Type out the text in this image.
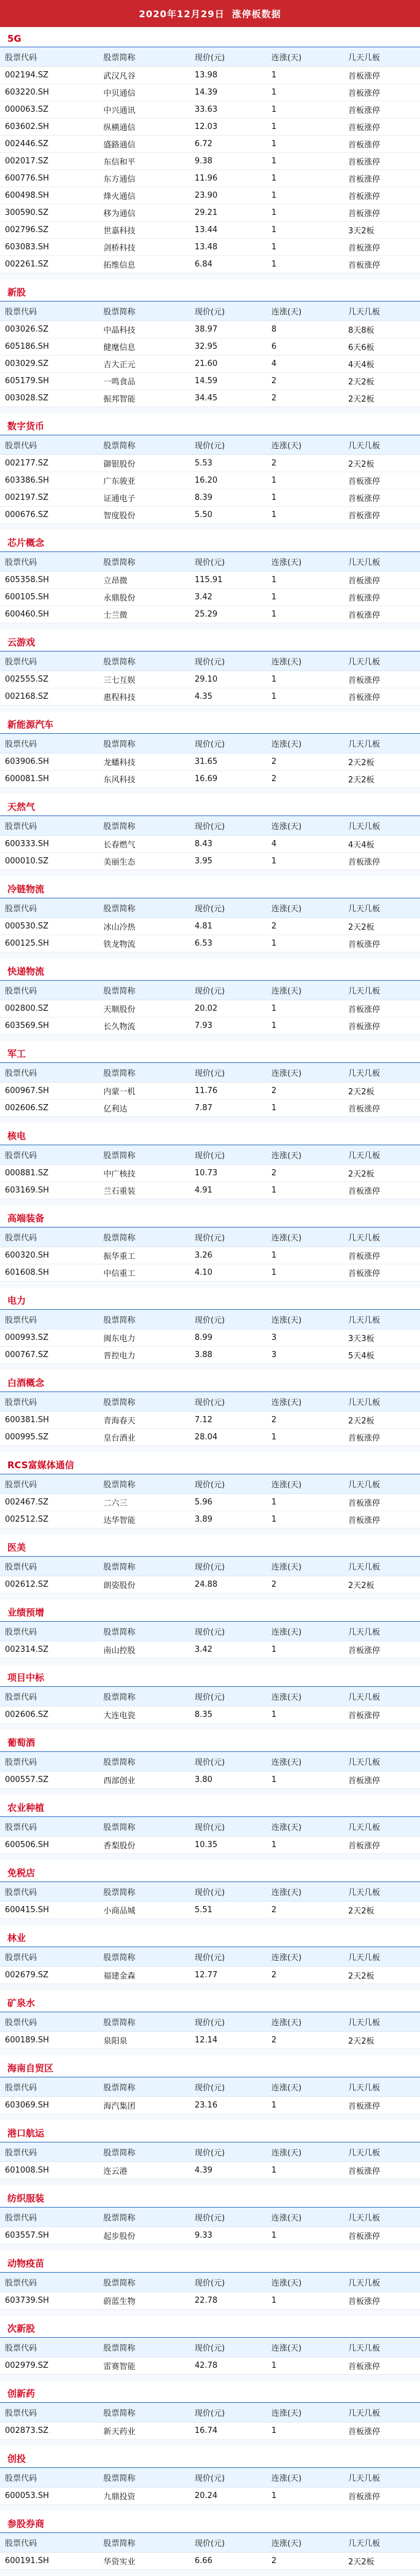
2020年12月29日 涨停板数据
5G
股票代码	股票简称	现价(元)	连涨(天)	几天几板
002194.SZ	武汉凡谷	13.98	1	首板涨停
603220.SH	中贝通信	14.39	1	首板涨停
000063.SZ	中兴通讯	33.63	1	首板涨停
603602.SH	纵横通信	12.03	1	首板涨停
002446.SZ	盛路通信	6.72	1	首板涨停
002017.SZ	东信和平	9.38	1	首板涨停
600776.SH	东方通信	11.96	1	首板涨停
600498.SH	烽火通信	23.90	1	首板涨停
300590.SZ	移为通信	29.21	1	首板涨停
002796.SZ	世嘉科技	13.44	1	3天2板
603083.SH	剑桥科技	13.48	1	首板涨停
002261.SZ	拓维信息	6.84	1	首板涨停
新股
股票代码	股票简称	现价(元)	连涨(天)	几天几板
003026.SZ	中晶科技	38.97	8	8天8板
605186.SH	健麾信息	32.95	6	6天6板
003029.SZ	吉大正元	21.60	4	4天4板
605179.SH	一鸣食品	14.59	2	2天2板
003028.SZ	振邦智能	34.45	2	2天2板
数字货币
股票代码	股票简称	现价(元)	连涨(天)	几天几板
002177.SZ	御银股份	5.53	2	2天2板
603386.SH	广东骏亚	16.20	1	首板涨停
002197.SZ	证通电子	8.39	1	首板涨停
000676.SZ	智度股份	5.50	1	首板涨停
芯片概念
股票代码	股票简称	现价(元)	连涨(天)	几天几板
605358.SH	立昂微	115.91	1	首板涨停
600105.SH	永鼎股份	3.42	1	首板涨停
600460.SH	士兰微	25.29	1	首板涨停
云游戏
股票代码	股票简称	现价(元)	连涨(天)	几天几板
002555.SZ	三七互娱	29.10	1	首板涨停
002168.SZ	惠程科技	4.35	1	首板涨停
新能源汽车
股票代码	股票简称	现价(元)	连涨(天)	几天几板
603906.SH	龙蟠科技	31.65	2	2天2板
600081.SH	东风科技	16.69	2	2天2板
天然气
股票代码	股票简称	现价(元)	连涨(天)	几天几板
600333.SH	长春燃气	8.43	4	4天4板
000010.SZ	美丽生态	3.95	1	首板涨停
冷链物流
股票代码	股票简称	现价(元)	连涨(天)	几天几板
000530.SZ	冰山冷热	4.81	2	2天2板
600125.SH	铁龙物流	6.53	1	首板涨停
快递物流
股票代码	股票简称	现价(元)	连涨(天)	几天几板
002800.SZ	天顺股份	20.02	1	首板涨停
603569.SH	长久物流	7.93	1	首板涨停
军工
股票代码	股票简称	现价(元)	连涨(天)	几天几板
600967.SH	内蒙一机	11.76	2	2天2板
002606.SZ	亿利达	7.87	1	首板涨停
核电
股票代码	股票简称	现价(元)	连涨(天)	几天几板
000881.SZ	中广核技	10.73	2	2天2板
603169.SH	兰石重装	4.91	1	首板涨停
高端装备
股票代码	股票简称	现价(元)	连涨(天)	几天几板
600320.SH	振华重工	3.26	1	首板涨停
601608.SH	中信重工	4.10	1	首板涨停
电力
股票代码	股票简称	现价(元)	连涨(天)	几天几板
000993.SZ	闽东电力	8.99	3	3天3板
000767.SZ	晋控电力	3.88	3	5天4板
白酒概念
股票代码	股票简称	现价(元)	连涨(天)	几天几板
600381.SH	青海春天	7.12	2	2天2板
000995.SZ	皇台酒业	28.04	1	首板涨停
RCS富媒体通信
股票代码	股票简称	现价(元)	连涨(天)	几天几板
002467.SZ	二六三	5.96	1	首板涨停
002512.SZ	达华智能	3.89	1	首板涨停
医美
股票代码	股票简称	现价(元)	连涨(天)	几天几板
002612.SZ	朗姿股份	24.88	2	2天2板
业绩预增
股票代码	股票简称	现价(元)	连涨(天)	几天几板
002314.SZ	南山控股	3.42	1	首板涨停
项目中标
股票代码	股票简称	现价(元)	连涨(天)	几天几板
002606.SZ	大连电瓷	8.35	1	首板涨停
葡萄酒
股票代码	股票简称	现价(元)	连涨(天)	几天几板
000557.SZ	西部创业	3.80	1	首板涨停
农业种植
股票代码	股票简称	现价(元)	连涨(天)	几天几板
600506.SH	香梨股份	10.35	1	首板涨停
免税店
股票代码	股票简称	现价(元)	连涨(天)	几天几板
600415.SH	小商品城	5.51	2	2天2板
林业
股票代码	股票简称	现价(元)	连涨(天)	几天几板
002679.SZ	福建金森	12.77	2	2天2板
矿泉水
股票代码	股票简称	现价(元)	连涨(天)	几天几板
600189.SH	泉阳泉	12.14	2	2天2板
海南自贸区
股票代码	股票简称	现价(元)	连涨(天)	几天几板
603069.SH	海汽集团	23.16	1	首板涨停
港口航运
股票代码	股票简称	现价(元)	连涨(天)	几天几板
601008.SH	连云港	4.39	1	首板涨停
纺织服装
股票代码	股票简称	现价(元)	连涨(天)	几天几板
603557.SH	起步股份	9.33	1	首板涨停
动物疫苗
股票代码	股票简称	现价(元)	连涨(天)	几天几板
603739.SH	蔚蓝生物	22.78	1	首板涨停
次新股
股票代码	股票简称	现价(元)	连涨(天)	几天几板
002979.SZ	雷赛智能	42.78	1	首板涨停
创新药
股票代码	股票简称	现价(元)	连涨(天)	几天几板
002873.SZ	新天药业	16.74	1	首板涨停
创投
股票代码	股票简称	现价(元)	连涨(天)	几天几板
600053.SH	九鼎投资	20.24	1	首板涨停
参股券商
股票代码	股票简称	现价(元)	连涨(天)	几天几板
600191.SH	华资实业	6.66	2	2天2板
